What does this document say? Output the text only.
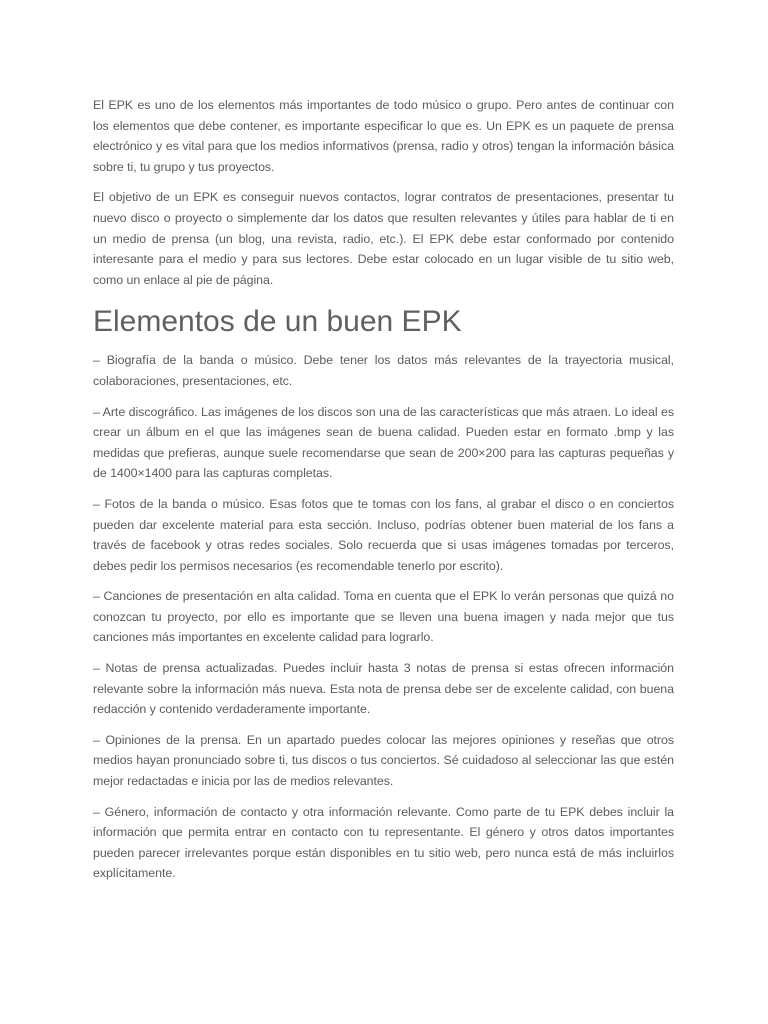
El EPK es uno de los elementos más importantes de todo músico o grupo. Pero antes de continuar con los elementos que debe contener, es importante especificar lo que es. Un EPK es un paquete de prensa electrónico y es vital para que los medios informativos (prensa, radio y otros) tengan la información básica sobre ti, tu grupo y tus proyectos.

El objetivo de un EPK es conseguir nuevos contactos, lograr contratos de presentaciones, presentar tu nuevo disco o proyecto o simplemente dar los datos que resulten relevantes y útiles para hablar de ti en un medio de prensa (un blog, una revista, radio, etc.). El EPK debe estar conformado por contenido interesante para el medio y para sus lectores. Debe estar colocado en un lugar visible de tu sitio web, como un enlace al pie de página.

Elementos de un buen EPK

– Biografía de la banda o músico. Debe tener los datos más relevantes de la trayectoria musical, colaboraciones, presentaciones, etc.

– Arte discográfico. Las imágenes de los discos son una de las características que más atraen. Lo ideal es crear un álbum en el que las imágenes sean de buena calidad. Pueden estar en formato .bmp y las medidas que prefieras, aunque suele recomendarse que sean de 200×200 para las capturas pequeñas y de 1400×1400 para las capturas completas.

– Fotos de la banda o músico. Esas fotos que te tomas con los fans, al grabar el disco o en conciertos pueden dar excelente material para esta sección. Incluso, podrías obtener buen material de los fans a través de facebook y otras redes sociales. Solo recuerda que si usas imágenes tomadas por terceros, debes pedir los permisos necesarios (es recomendable tenerlo por escrito).

– Canciones de presentación en alta calidad. Toma en cuenta que el EPK lo verán personas que quizá no conozcan tu proyecto, por ello es importante que se lleven una buena imagen y nada mejor que tus canciones más importantes en excelente calidad para lograrlo.

– Notas de prensa actualizadas. Puedes incluir hasta 3 notas de prensa si estas ofrecen información relevante sobre la información más nueva. Esta nota de prensa debe ser de excelente calidad, con buena redacción y contenido verdaderamente importante.

– Opiniones de la prensa. En un apartado puedes colocar las mejores opiniones y reseñas que otros medios hayan pronunciado sobre ti, tus discos o tus conciertos. Sé cuidadoso al seleccionar las que estén mejor redactadas e inicia por las de medios relevantes.

– Género, información de contacto y otra información relevante. Como parte de tu EPK debes incluir la información que permita entrar en contacto con tu representante. El género y otros datos importantes pueden parecer irrelevantes porque están disponibles en tu sitio web, pero nunca está de más incluirlos explícitamente.
